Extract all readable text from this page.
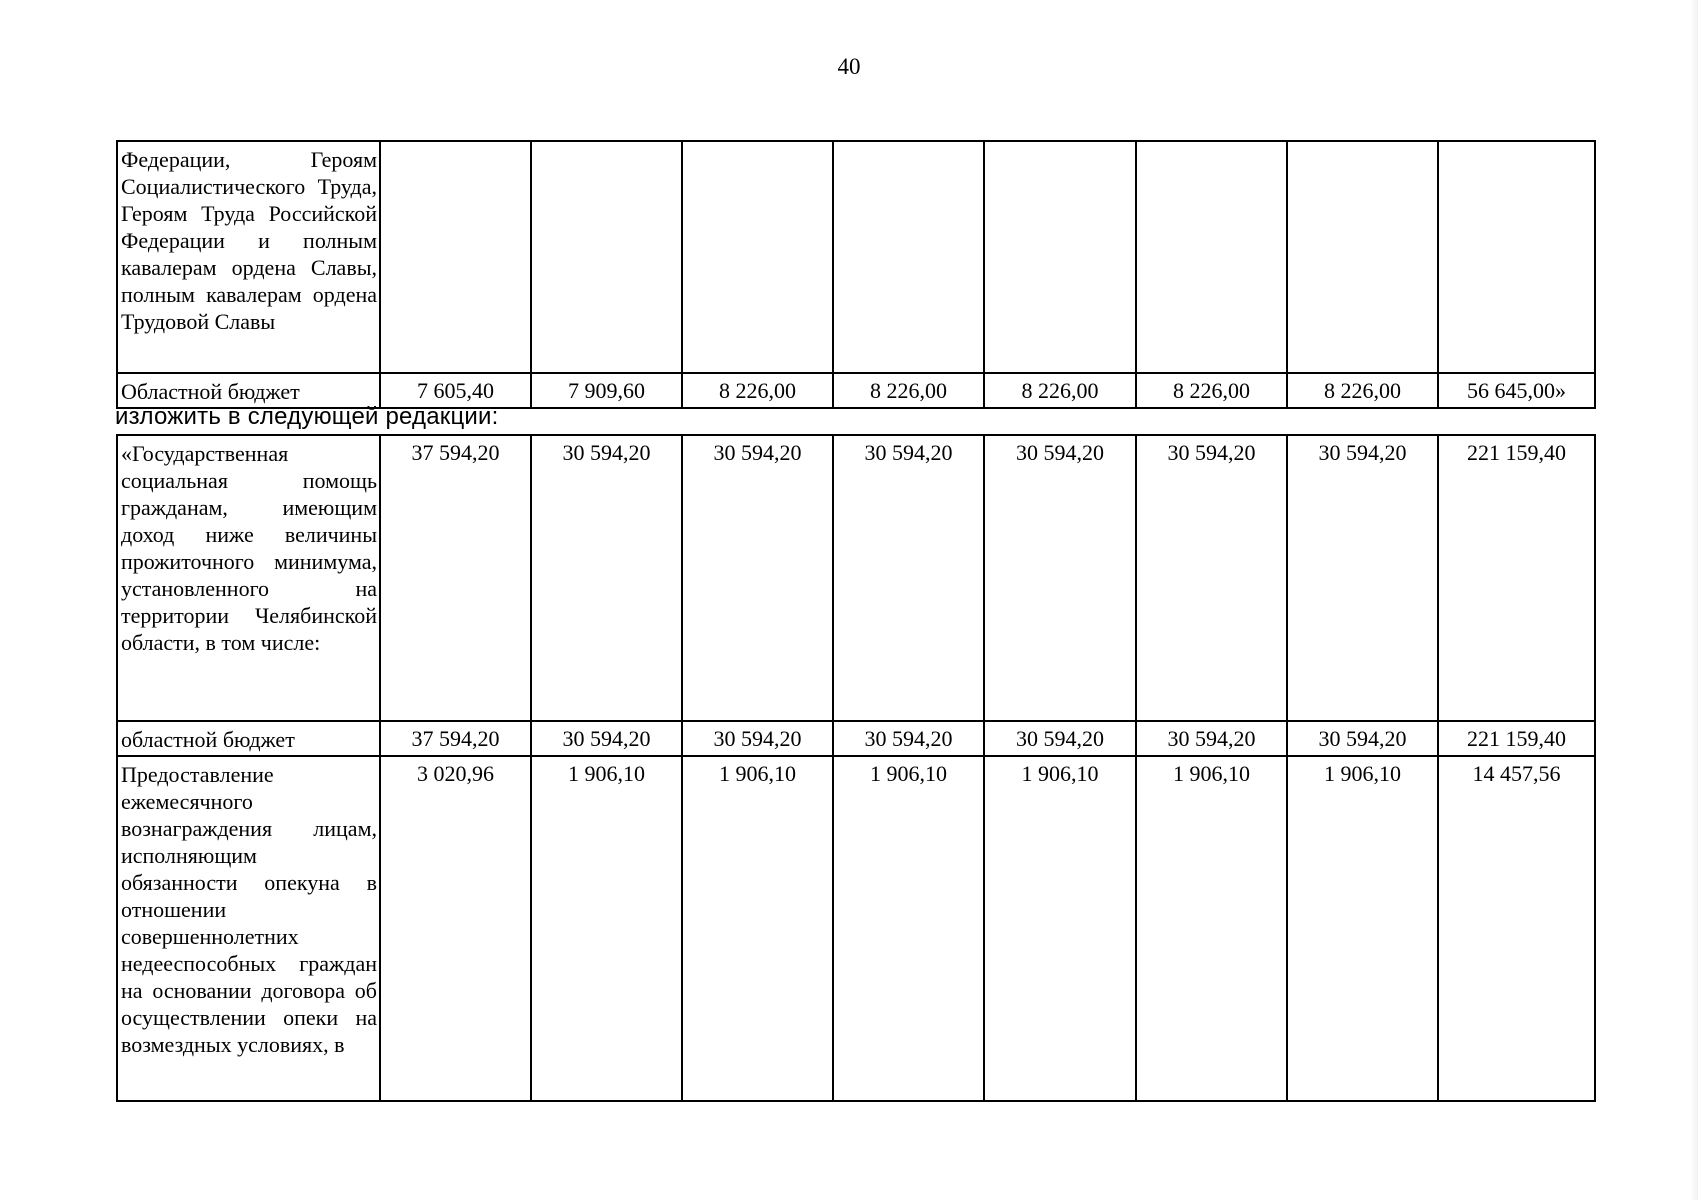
40
Федерации, Героям Социалистического Труда, Героям Труда Российской Федерации и полным кавалерам ордена Славы, полным кавалерам ордена Трудовой Славы								
Областной бюджет	7 605,40	7 909,60	8 226,00	8 226,00	8 226,00	8 226,00	8 226,00	56 645,00»
изложить в следующей редакции:
«Государственная социальная помощь гражданам, имеющим доход ниже величины прожиточного минимума, установленного на территории Челябинской области, в том числе:	37 594,20	30 594,20	30 594,20	30 594,20	30 594,20	30 594,20	30 594,20	221 159,40
областной бюджет	37 594,20	30 594,20	30 594,20	30 594,20	30 594,20	30 594,20	30 594,20	221 159,40
Предоставление ежемесячного вознаграждения лицам, исполняющим обязанности опекуна в отношении совершеннолетних недееспособных граждан на основании договора об осуществлении опеки на возмездных условиях, в	3 020,96	1 906,10	1 906,10	1 906,10	1 906,10	1 906,10	1 906,10	14 457,56
